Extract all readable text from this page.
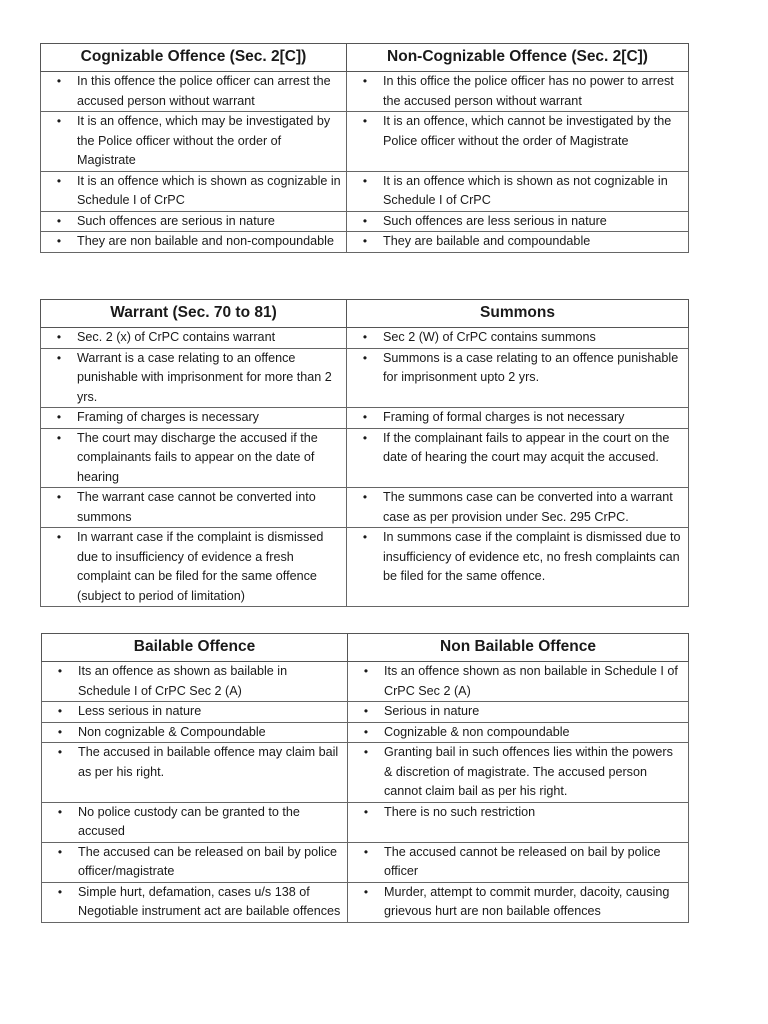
Cognizable Offence (Sec. 2[C])	Non-Cognizable Offence (Sec. 2[C])

• In this offence the police officer can arrest the accused person without warrant	• In this office the police officer has no power to arrest the accused person without warrant

• It is an offence, which may be investigated by the Police officer without the order of Magistrate	• It is an offence, which cannot be investigated by the Police officer without the order of Magistrate

• It is an offence which is shown as cognizable in Schedule I of CrPC	• It is an offence which is shown as not cognizable in Schedule I of CrPC

• Such offences are serious in nature	• Such offences are less serious in nature

• They are non bailable and non-compoundable	• They are bailable and compoundable
Warrant (Sec. 70 to 81)	Summons

• Sec. 2 (x) of CrPC contains warrant	• Sec 2 (W) of CrPC contains summons

• Warrant is a case relating to an offence punishable with imprisonment for more than 2 yrs.	• Summons is a case relating to an offence punishable for imprisonment upto 2 yrs.

• Framing of charges is necessary	• Framing of formal charges is not necessary

• The court may discharge the accused if the complainants fails to appear on the date of hearing	• If the complainant fails to appear in the court on the date of hearing the court may acquit the accused.

• The warrant case cannot be converted into summons	• The summons case can be converted into a warrant case as per provision under Sec. 295 CrPC.

• In warrant case if the complaint is dismissed due to insufficiency of evidence a fresh complaint can be filed for the same offence (subject to period of limitation)	• In summons case if the complaint is dismissed due to insufficiency of evidence etc, no fresh complaints can be filed for the same offence.
Bailable Offence	Non Bailable Offence

• Its an offence as shown as bailable in Schedule I of CrPC Sec 2 (A)	• Its an offence shown as non bailable in Schedule I of CrPC Sec 2 (A)

• Less serious in nature	• Serious in nature

• Non cognizable & Compoundable	• Cognizable & non compoundable

• The accused in bailable offence may claim bail as per his right.	• Granting bail in such offences lies within the powers & discretion of magistrate. The accused person cannot claim bail as per his right.

• No police custody can be granted to the accused	• There is no such restriction

• The accused can be released on bail by police officer/magistrate	• The accused cannot be released on bail by police officer

• Simple hurt, defamation, cases u/s 138 of Negotiable instrument act are bailable offences	• Murder, attempt to commit murder, dacoity, causing grievous hurt are non bailable offences
